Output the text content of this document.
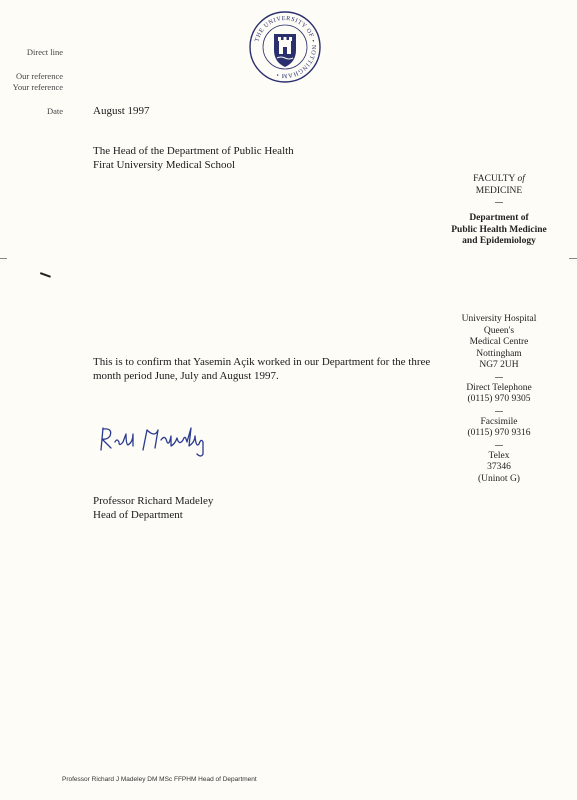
Direct line
Our reference
Your reference
Date	August 1997
THE UNIVERSITY OF • NOTTINGHAM •
The Head of the Department of Public Health
Firat University Medical School
FACULTY of
MEDICINE
Department of
Public Health Medicine
and Epidemiology
University Hospital
Queen's
Medical Centre
Nottingham
NG7 2UH
Direct Telephone
(0115) 970 9305
Facsimile
(0115) 970 9316
Telex
37346
(Uninot G)
This is to confirm that Yasemin Açik worked in our Department for the three
month period June, July and August 1997.
Professor Richard Madeley
Head of Department
Professor Richard J Madeley DM MSc FFPHM Head of Department
